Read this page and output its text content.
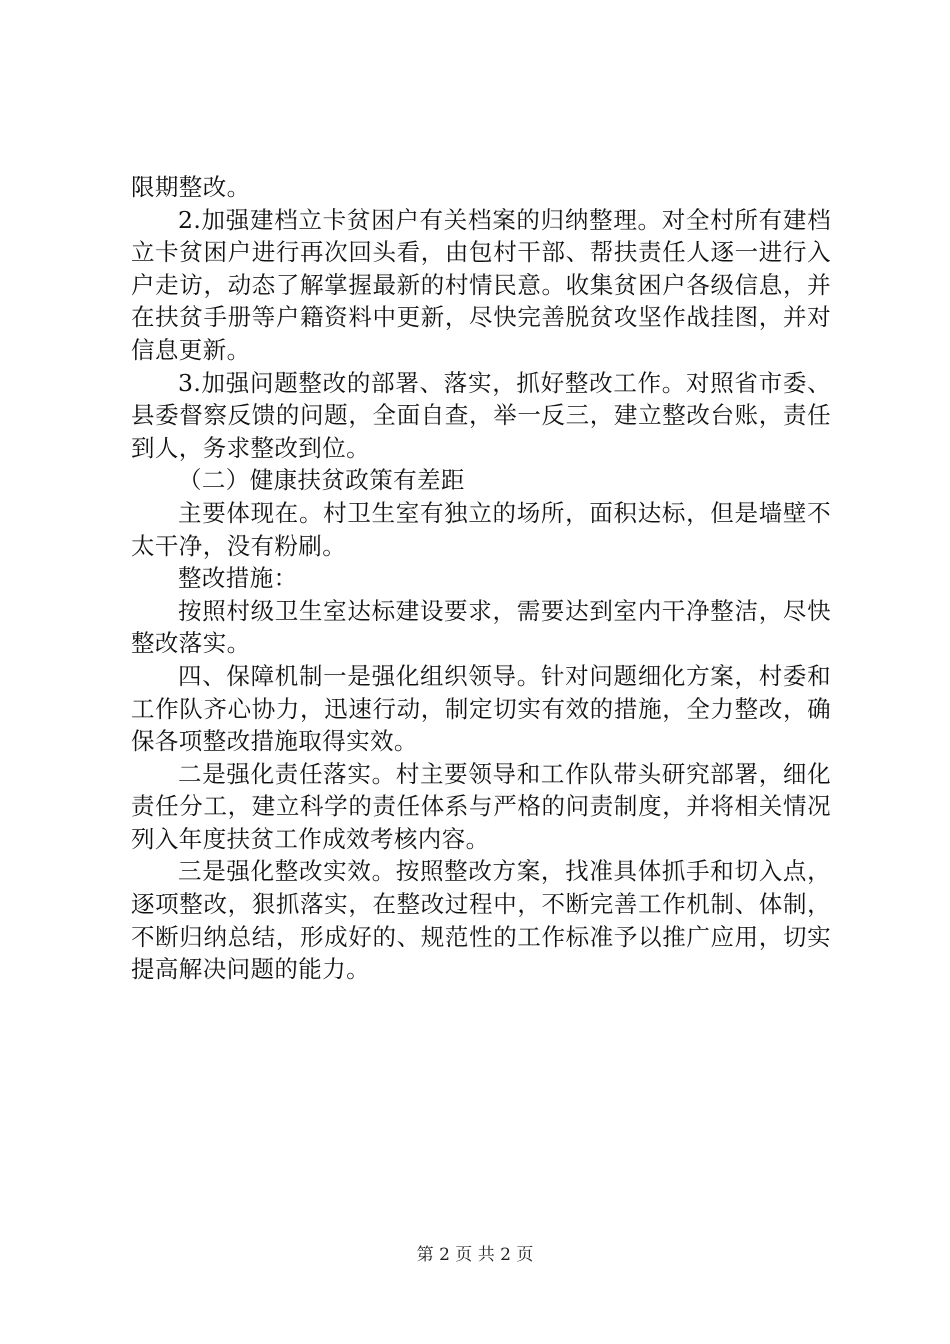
限期整改。

2.加强建档立卡贫困户有关档案的归纳整理。对全村所有建档立卡贫困户进行再次回头看，由包村干部、帮扶责任人逐一进行入户走访，动态了解掌握最新的村情民意。收集贫困户各级信息，并在扶贫手册等户籍资料中更新，尽快完善脱贫攻坚作战挂图，并对信息更新。

3.加强问题整改的部署、落实，抓好整改工作。对照省市委、县委督察反馈的问题，全面自查，举一反三，建立整改台账，责任到人，务求整改到位。

（二）健康扶贫政策有差距

主要体现在。村卫生室有独立的场所，面积达标，但是墙壁不太干净，没有粉刷。

整改措施：

按照村级卫生室达标建设要求，需要达到室内干净整洁，尽快整改落实。

四、保障机制一是强化组织领导。针对问题细化方案，村委和工作队齐心协力，迅速行动，制定切实有效的措施，全力整改，确保各项整改措施取得实效。

二是强化责任落实。村主要领导和工作队带头研究部署，细化责任分工，建立科学的责任体系与严格的问责制度，并将相关情况列入年度扶贫工作成效考核内容。

三是强化整改实效。按照整改方案，找准具体抓手和切入点，逐项整改，狠抓落实，在整改过程中，不断完善工作机制、体制，不断归纳总结，形成好的、规范性的工作标准予以推广应用，切实提高解决问题的能力。

第 2 页 共 2 页
